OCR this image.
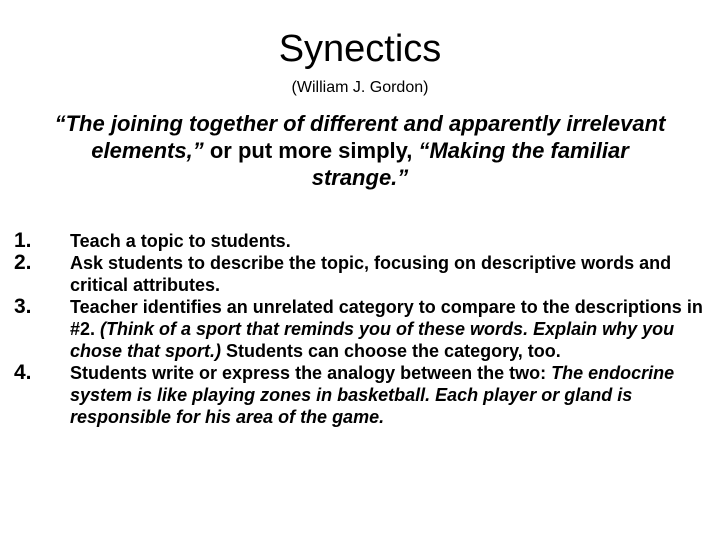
Synectics
(William J. Gordon)
“The joining together of different and apparently irrelevant elements,” or put more simply, “Making the familiar strange.”
1.	Teach a topic to students.
2.	Ask students to describe the topic, focusing on descriptive words and critical attributes.
3.	Teacher identifies an unrelated category to compare to the descriptions in #2. (Think of a sport that reminds you of these words. Explain why you chose that sport.) Students can choose the category, too.
4.	Students write or express the analogy between the two: The endocrine system is like playing zones in basketball. Each player or gland is responsible for his area of the game.
